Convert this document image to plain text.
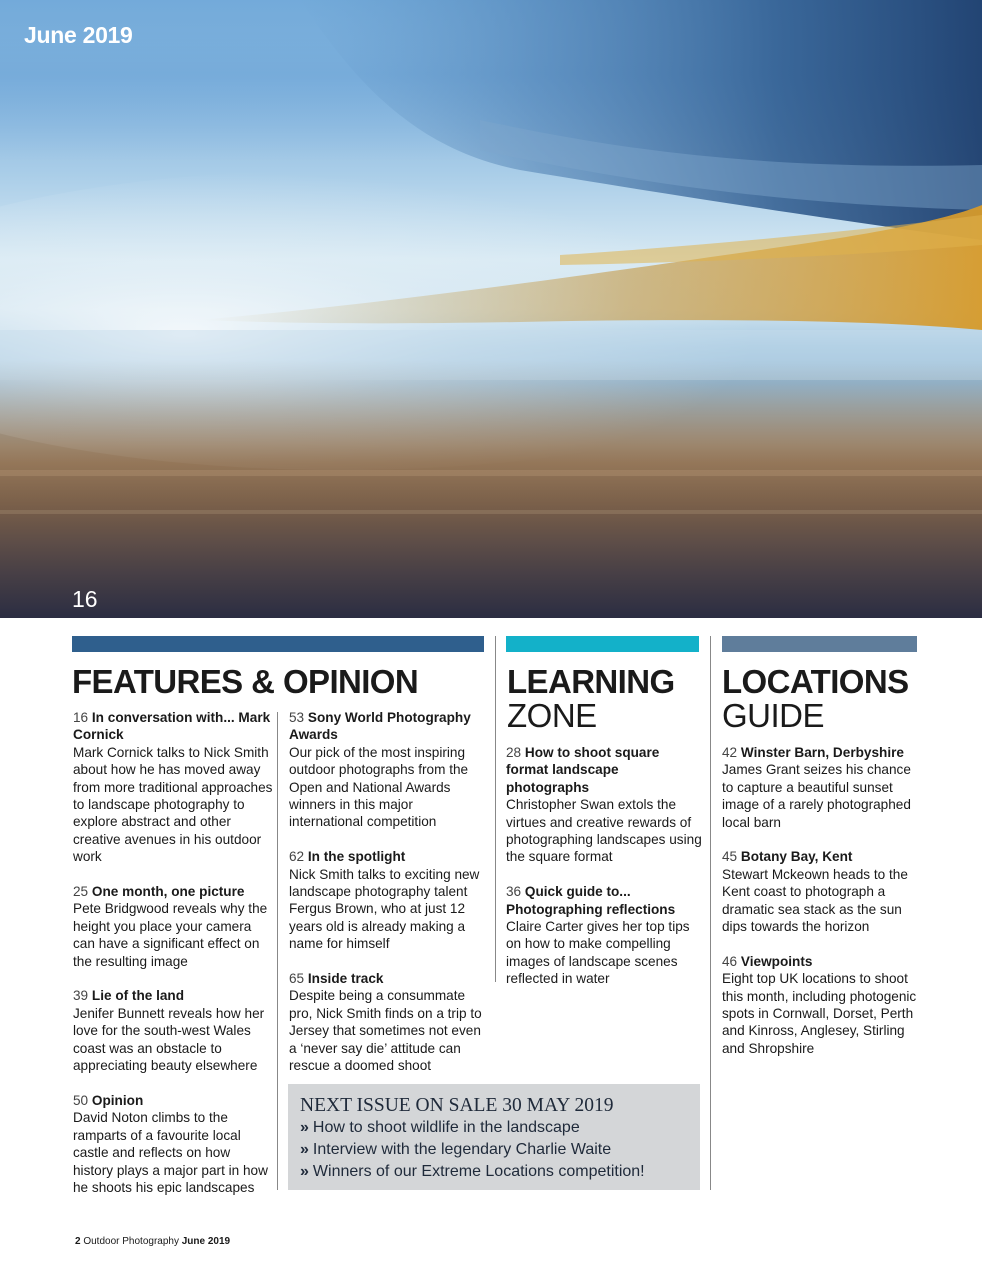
June 2019
16
FEATURES & OPINION	LEARNING
ZONE
LOCATIONS
GUIDE
16 In conversation with... Mark Cornick
Mark Cornick talks to Nick Smith about how he has moved away from more traditional approaches to landscape photography to explore abstract and other creative avenues in his outdoor work
25 One month, one picture
Pete Bridgwood reveals why the height you place your camera can have a significant effect on the resulting image
39 Lie of the land
Jenifer Bunnett reveals how her love for the south-west Wales coast was an obstacle to appreciating beauty elsewhere
50 Opinion
David Noton climbs to the ramparts of a favourite local castle and reflects on how history plays a major part in how he shoots his epic landscapes
53 Sony World Photography Awards
Our pick of the most inspiring outdoor photographs from the Open and National Awards winners in this major international competition
62 In the spotlight
Nick Smith talks to exciting new landscape photography talent Fergus Brown, who at just 12 years old is already making a name for himself
65 Inside track
Despite being a consummate pro, Nick Smith finds on a trip to Jersey that sometimes not even a ‘never say die’ attitude can rescue a doomed shoot
28 How to shoot square format landscape photographs
Christopher Swan extols the virtues and creative rewards of photographing landscapes using the square format
36 Quick guide to... Photographing reflections
Claire Carter gives her top tips on how to make compelling images of landscape scenes reflected in water
42 Winster Barn, Derbyshire
James Grant seizes his chance to capture a beautiful sunset image of a rarely photographed local barn
45 Botany Bay, Kent
Stewart Mckeown heads to the Kent coast to photograph a dramatic sea stack as the sun dips towards the horizon
46 Viewpoints
Eight top UK locations to shoot this month, including photogenic spots in Cornwall, Dorset, Perth and Kinross, Anglesey, Stirling and Shropshire
NEXT ISSUE ON SALE 30 MAY 2019
» How to shoot wildlife in the landscape
» Interview with the legendary Charlie Waite
» Winners of our Extreme Locations competition!
2 Outdoor Photography June 2019
